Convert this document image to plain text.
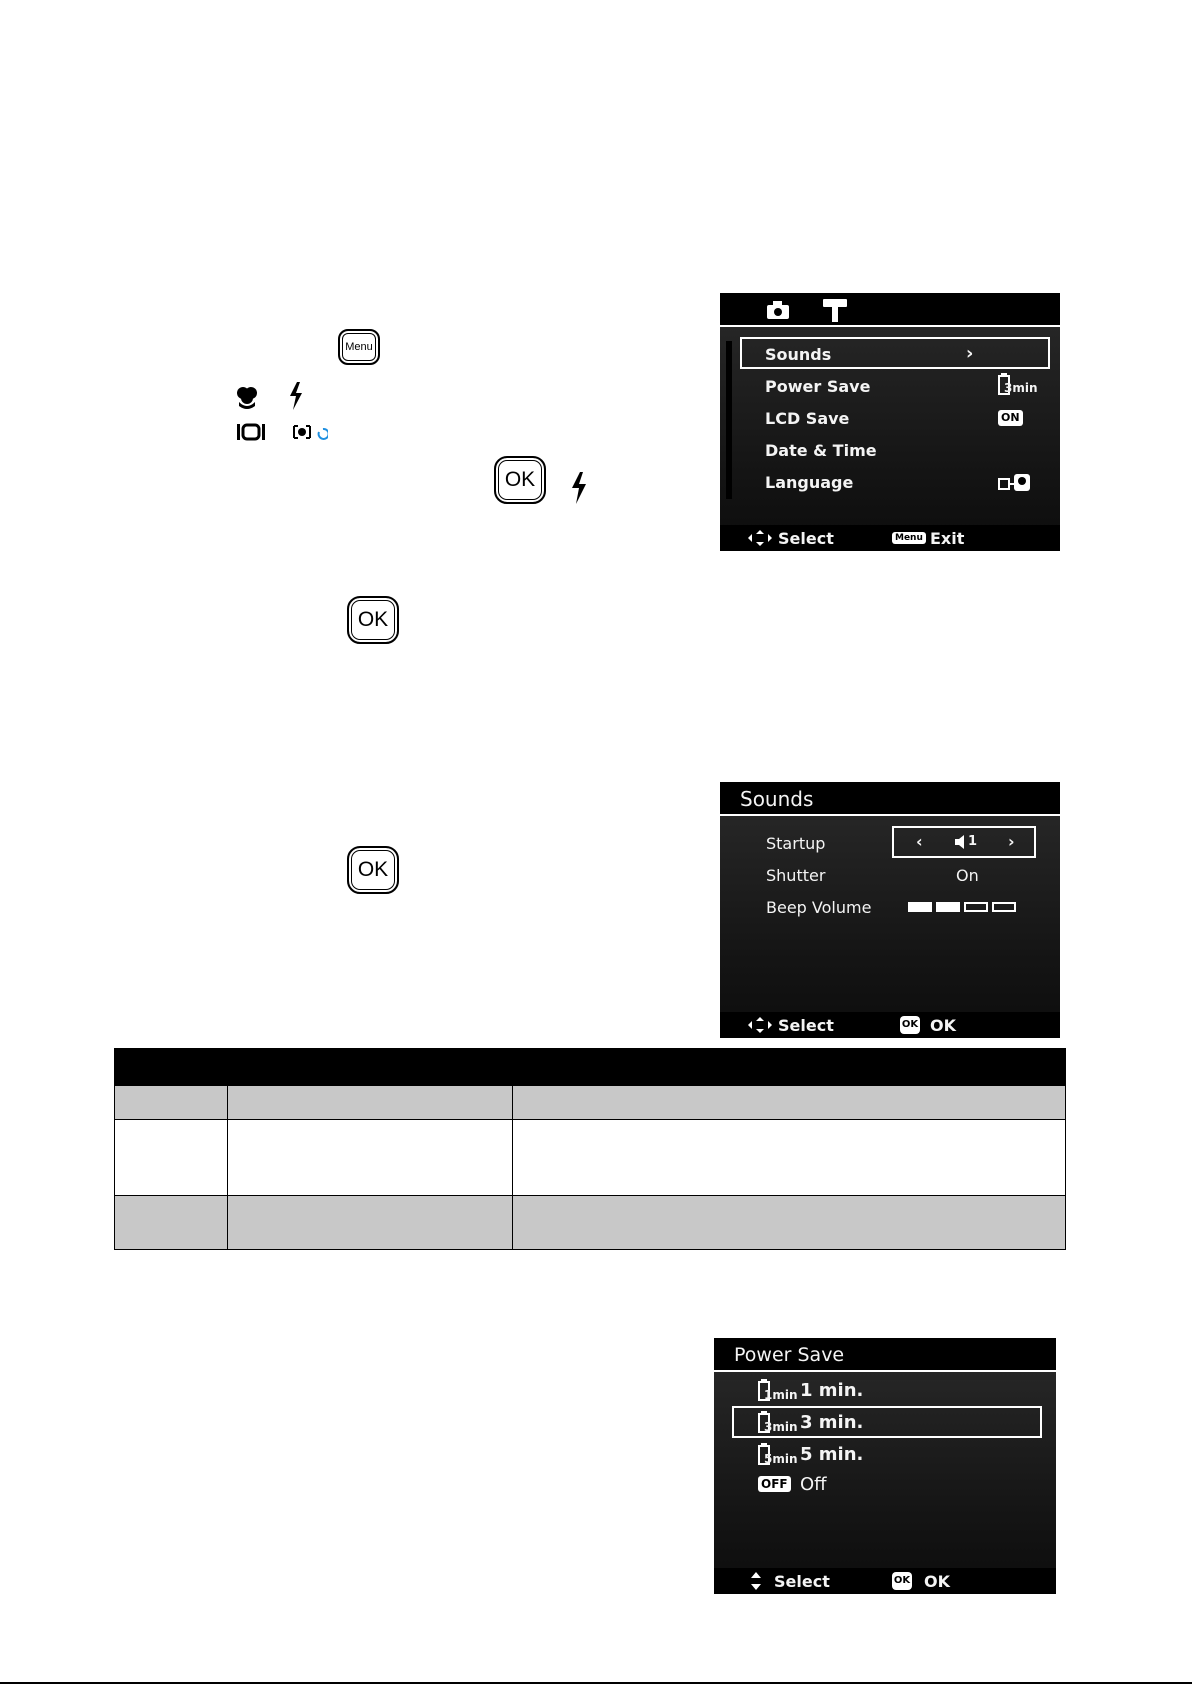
Menu
OK
OK
OK
Sounds	›
Power Save	3min
LCD Save	ON
Date & Time
Language
Select	Menu Exit
Sounds
Startup	‹	1 ›
Shutter	On
Beep Volume
Select	OK OK

Power Save
1min 1 min.
3min 3 min.
5min 5 min.
OFF Off
Select	OK OK
